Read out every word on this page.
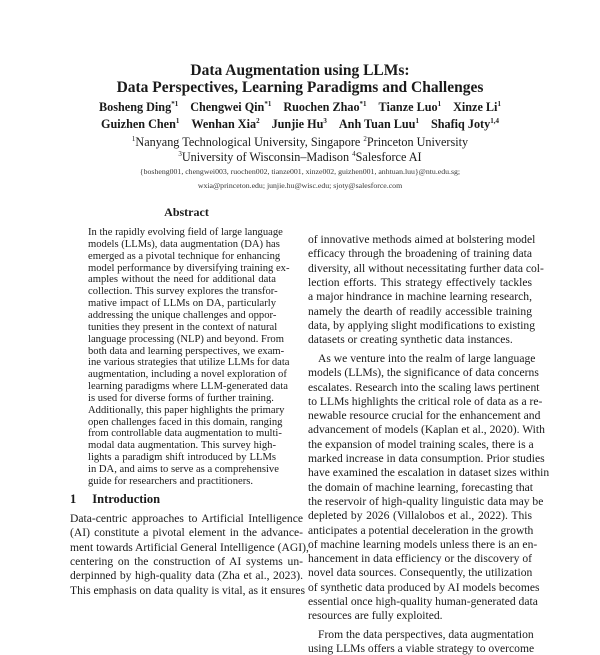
Data Augmentation using LLMs:
Data Perspectives, Learning Paradigms and Challenges
Bosheng Ding$^{*1}$ Chengwei Qin$^{*1}$ Ruochen Zhao$^{*1}$ Tianze Luo$^1$ Xinze Li$^1$
Guizhen Chen$^1$ Wenhan Xia$^2$ Junjie Hu$^3$ Anh Tuan Luu$^1$ Shafiq Joty$^{1,4}$
$^1$Nanyang Technological University, Singapore $^2$Princeton University
$^3$University of Wisconsin–Madison $^4$Salesforce AI
{bosheng001, chengwei003, ruochen002, tianze001, xinze002, guizhen001, anhtuan.luu}@ntu.edu.sg;
wxia@princeton.edu; junjie.hu@wisc.edu; sjoty@salesforce.com
Abstract
In the rapidly evolving field of large language
models (LLMs), data augmentation (DA) has
emerged as a pivotal technique for enhancing
model performance by diversifying training ex-
amples without the need for additional data
collection. This survey explores the transfor-
mative impact of LLMs on DA, particularly
addressing the unique challenges and oppor-
tunities they present in the context of natural
language processing (NLP) and beyond. From
both data and learning perspectives, we exam-
ine various strategies that utilize LLMs for data
augmentation, including a novel exploration of
learning paradigms where LLM-generated data
is used for diverse forms of further training.
Additionally, this paper highlights the primary
open challenges faced in this domain, ranging
from controllable data augmentation to multi-
modal data augmentation. This survey high-
lights a paradigm shift introduced by LLMs
in DA, and aims to serve as a comprehensive
guide for researchers and practitioners.
1 Introduction
Data-centric approaches to Artificial Intelligence
(AI) constitute a pivotal element in the advance-
ment towards Artificial General Intelligence (AGI),
centering on the construction of AI systems un-
derpinned by high-quality data (Zha et al., 2023).
This emphasis on data quality is vital, as it ensures
of innovative methods aimed at bolstering model
efficacy through the broadening of training data
diversity, all without necessitating further data col-
lection efforts. This strategy effectively tackles
a major hindrance in machine learning research,
namely the dearth of readily accessible training
data, by applying slight modifications to existing
datasets or creating synthetic data instances.
As we venture into the realm of large language
models (LLMs), the significance of data concerns
escalates. Research into the scaling laws pertinent
to LLMs highlights the critical role of data as a re-
newable resource crucial for the enhancement and
advancement of models (Kaplan et al., 2020). With
the expansion of model training scales, there is a
marked increase in data consumption. Prior studies
have examined the escalation in dataset sizes within
the domain of machine learning, forecasting that
the reservoir of high-quality linguistic data may be
depleted by 2026 (Villalobos et al., 2022). This
anticipates a potential deceleration in the growth
of machine learning models unless there is an en-
hancement in data efficiency or the discovery of
novel data sources. Consequently, the utilization
of synthetic data produced by AI models becomes
essential once high-quality human-generated data
resources are fully exploited.
From the data perspectives, data augmentation
using LLMs offers a viable strategy to overcome
